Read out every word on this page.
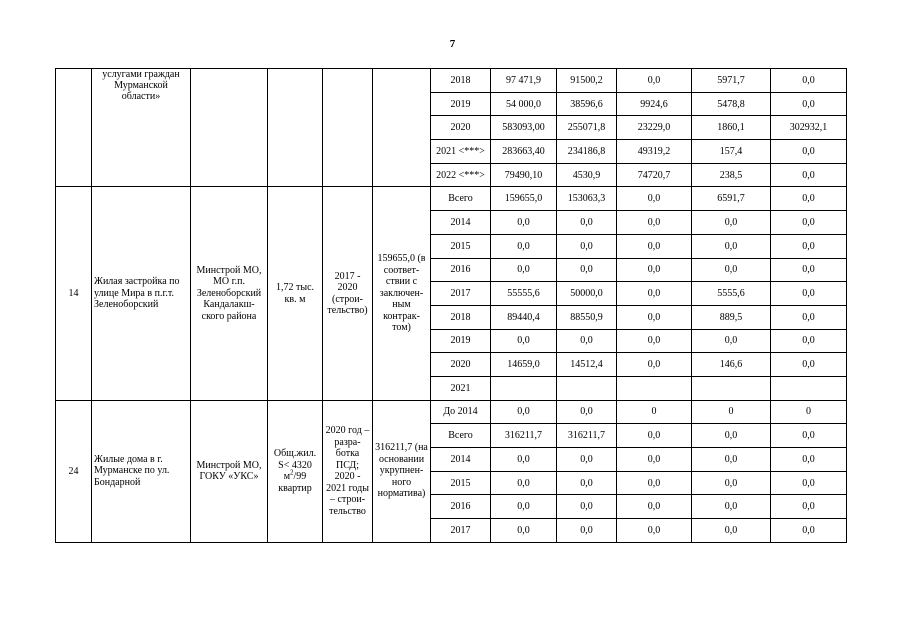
7
	услугами граждан Мурманской области»					2018	97 471,9	91500,2	0,0	5971,7	0,0
						2019	54 000,0	38596,6	9924,6	5478,8	0,0
						2020	583093,00	255071,8	23229,0	1860,1	302932,1
						2021 <***>	283663,40	234186,8	49319,2	157,4	0,0
						2022 <***>	79490,10	4530,9	74720,7	238,5	0,0
14	Жилая застройка по улице Мира в п.г.т. Зеленоборский	Минстрой МО, МО г.п. Зеленоборский Кандалакш-ского района	1,72 тыс. кв. м	2017 - 2020 (строи-тельство)	159655,0 (в соответ-ствии с заключен-ным контрак-том)	Всего	159655,0	153063,3	0,0	6591,7	0,0
						2014	0,0	0,0	0,0	0,0	0,0
						2015	0,0	0,0	0,0	0,0	0,0
						2016	0,0	0,0	0,0	0,0	0,0
						2017	55555,6	50000,0	0,0	5555,6	0,0
						2018	89440,4	88550,9	0,0	889,5	0,0
						2019	0,0	0,0	0,0	0,0	0,0
						2020	14659,0	14512,4	0,0	146,6	0,0
						2021					
24	Жилые дома в г. Мурманске по ул. Бондарной	Минстрой МО, ГОКУ «УКС»	Общ.жил. S< 4320 $м^2/99$ квартир	2020 год – разра-ботка ПСД; 2020 - 2021 годы – строи-тельство	316211,7 (на основании укрупнен-ного норматива)	До 2014	0,0	0,0	0	0	0
						Всего	316211,7	316211,7	0,0	0,0	0,0
						2014	0,0	0,0	0,0	0,0	0,0
						2015	0,0	0,0	0,0	0,0	0,0
						2016	0,0	0,0	0,0	0,0	0,0
						2017	0,0	0,0	0,0	0,0	0,0
